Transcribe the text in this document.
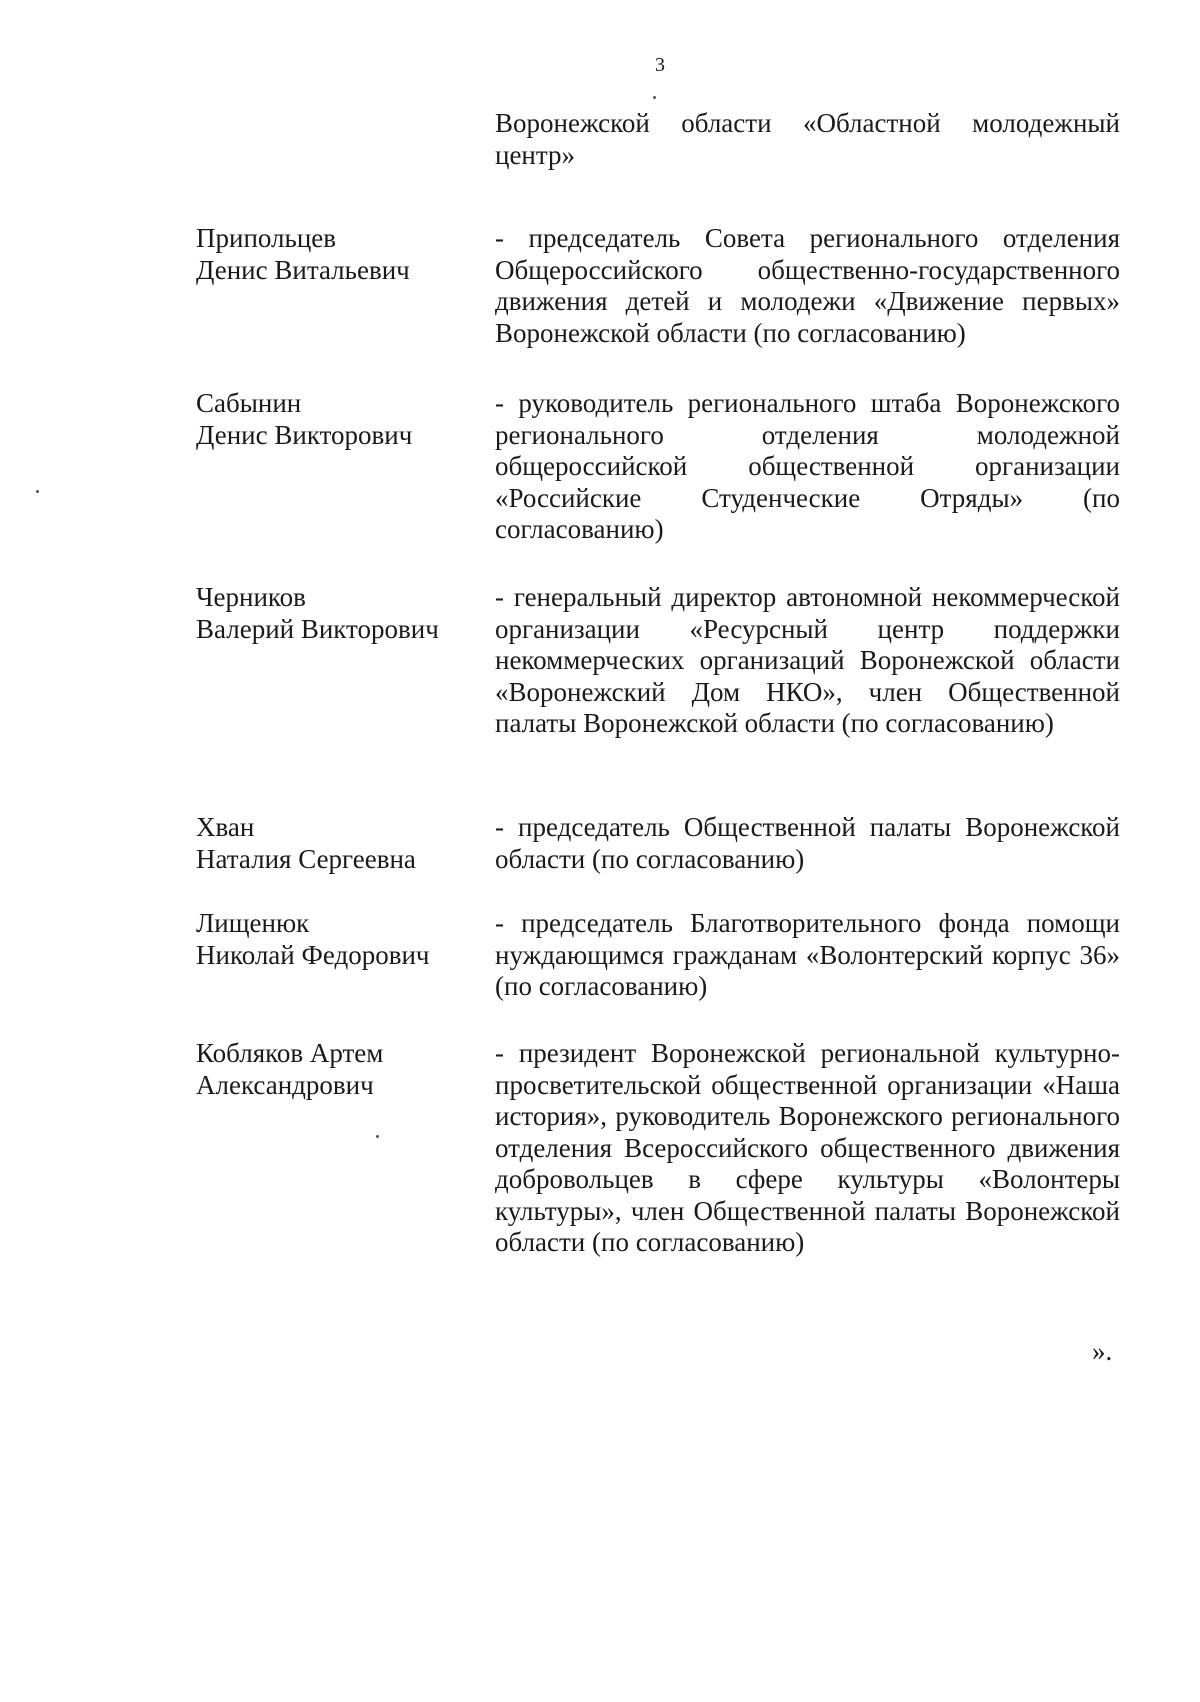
3
Воронежской области «Областной молодежный центр»
Припольцев
Денис Витальевич
- председатель Совета регионального отделения Общероссийского общественно-государственного движения детей и молодежи «Движение первых» Воронежской области (по согласованию)
Сабынин
Денис Викторович
- руководитель регионального штаба Воронежского регионального отделения молодежной общероссийской общественной организации «Российские Студенческие Отряды» (по согласованию)
Черников
Валерий Викторович
- генеральный директор автономной некоммерческой организации «Ресурсный центр поддержки некоммерческих организаций Воронежской области «Воронежский Дом НКО», член Общественной палаты Воронежской области (по согласованию)
Хван
Наталия Сергеевна
- председатель Общественной палаты Воронежской области (по согласованию)
Лищенюк
Николай Федорович
- председатель Благотворительного фонда помощи нуждающимся гражданам «Волонтерский корпус 36» (по согласованию)
Кобляков Артем
Александрович
- президент Воронежской региональной культурно-просветительской общественной организации «Наша история», руководитель Воронежского регионального отделения Всероссийского общественного движения добровольцев в сфере культуры «Волонтеры культуры», член Общественной палаты Воронежской области (по согласованию)
».
